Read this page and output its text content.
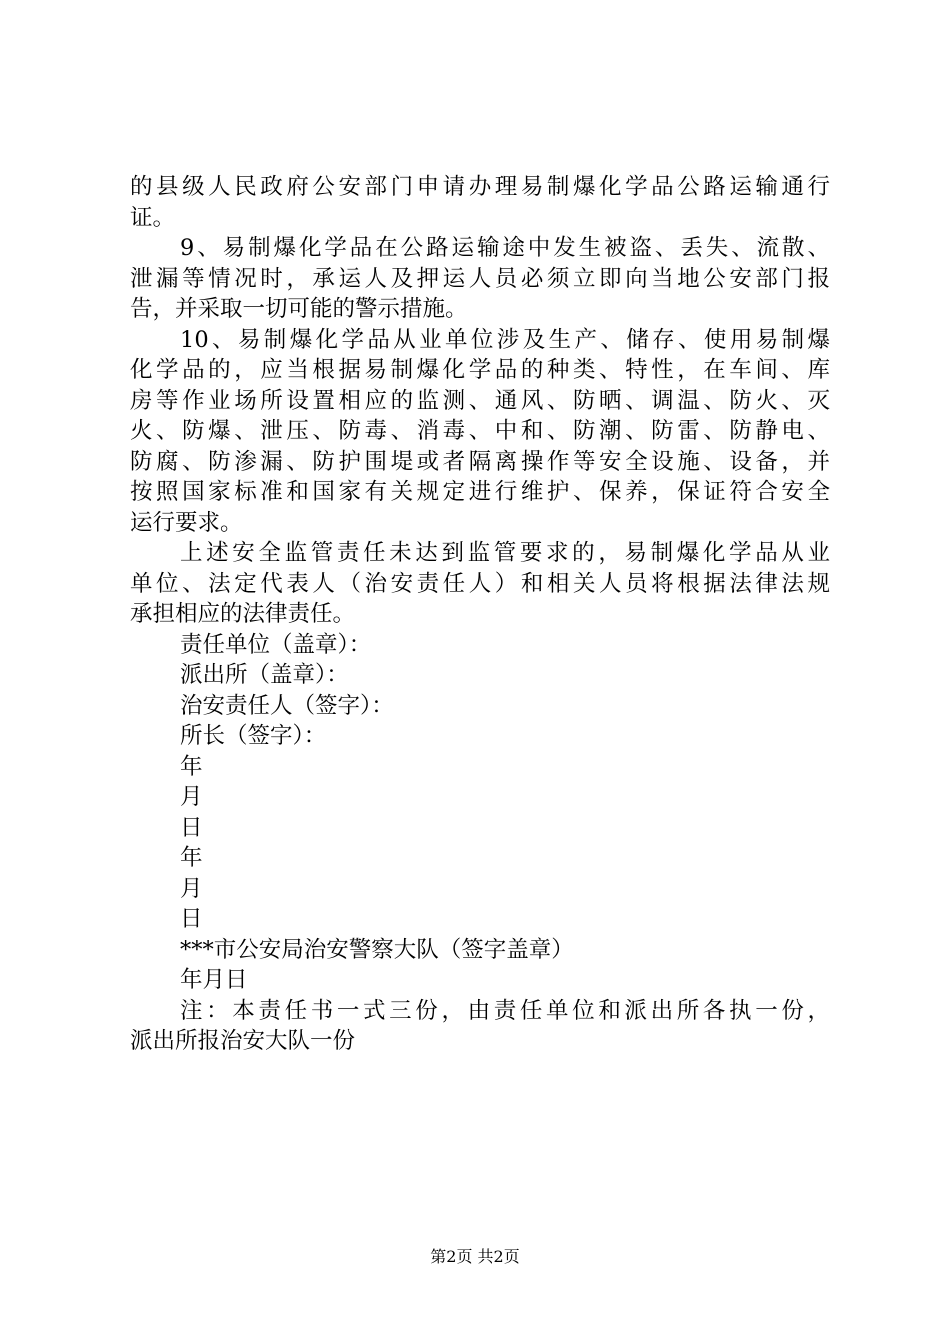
的县级人民政府公安部门申请办理易制爆化学品公路运输通行
证。
9、易制爆化学品在公路运输途中发生被盗、丢失、流散、
泄漏等情况时，承运人及押运人员必须立即向当地公安部门报
告，并采取一切可能的警示措施。
10、易制爆化学品从业单位涉及生产、储存、使用易制爆
化学品的，应当根据易制爆化学品的种类、特性，在车间、库
房等作业场所设置相应的监测、通风、防晒、调温、防火、灭
火、防爆、泄压、防毒、消毒、中和、防潮、防雷、防静电、
防腐、防渗漏、防护围堤或者隔离操作等安全设施、设备，并
按照国家标准和国家有关规定进行维护、保养，保证符合安全
运行要求。
上述安全监管责任未达到监管要求的，易制爆化学品从业
单位、法定代表人（治安责任人）和相关人员将根据法律法规
承担相应的法律责任。
责任单位（盖章）：
派出所（盖章）：
治安责任人（签字）：
所长（签字）：
年
月
日
年
月
日
***市公安局治安警察大队（签字盖章）
年月日
注：本责任书一式三份，由责任单位和派出所各执一份，
派出所报治安大队一份
第2页 共2页
